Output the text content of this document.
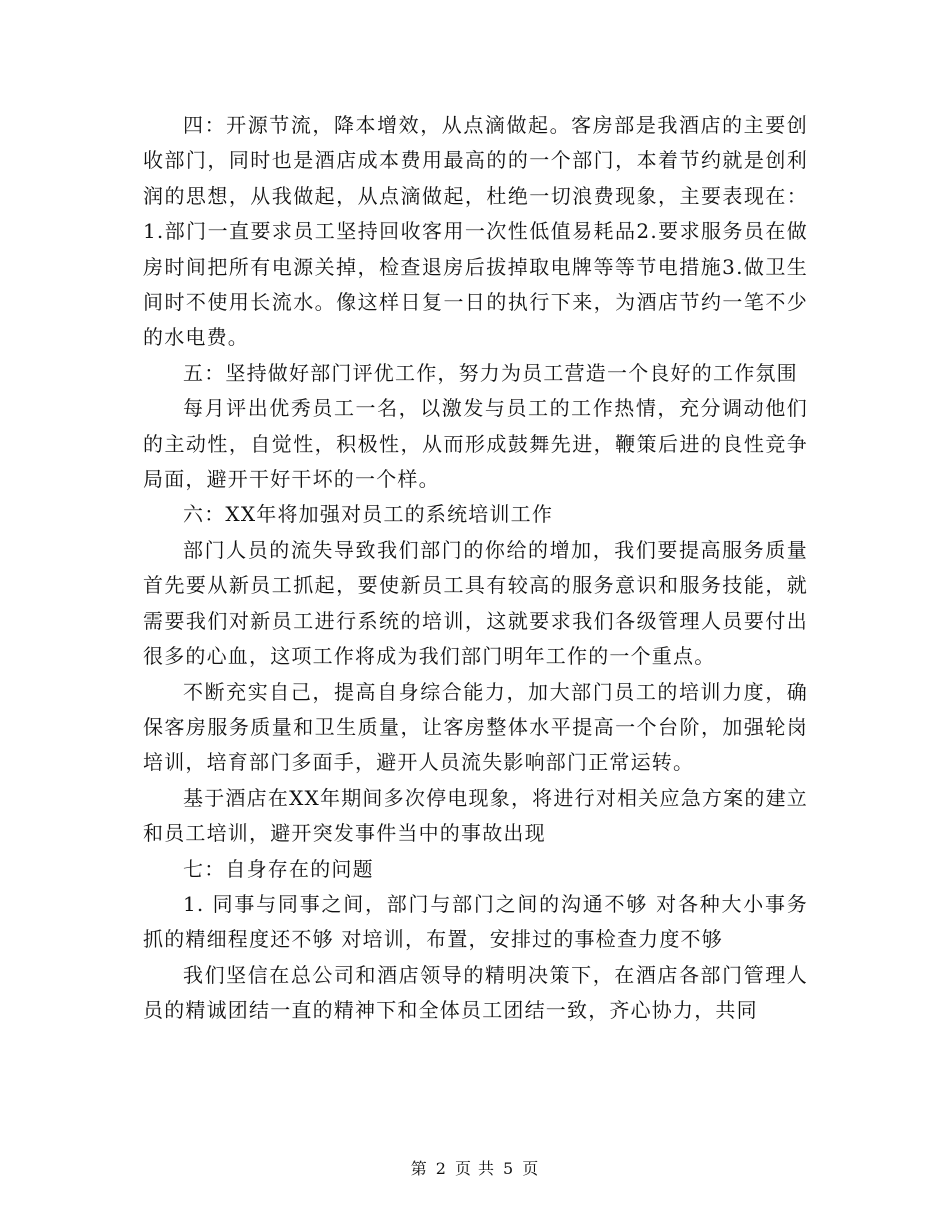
四：开源节流，降本增效，从点滴做起。客房部是我酒店的主要创收部门，同时也是酒店成本费用最高的的一个部门，本着节约就是创利润的思想，从我做起，从点滴做起，杜绝一切浪费现象，主要表现在：1.部门一直要求员工坚持回收客用一次性低值易耗品2.要求服务员在做房时间把所有电源关掉，检查退房后拔掉取电牌等等节电措施3.做卫生间时不使用长流水。像这样日复一日的执行下来，为酒店节约一笔不少的水电费。

五：坚持做好部门评优工作，努力为员工营造一个良好的工作氛围

每月评出优秀员工一名，以激发与员工的工作热情，充分调动他们的主动性，自觉性，积极性，从而形成鼓舞先进，鞭策后进的良性竞争局面，避开干好干坏的一个样。

六：XX年将加强对员工的系统培训工作

部门人员的流失导致我们部门的你给的增加，我们要提高服务质量首先要从新员工抓起，要使新员工具有较高的服务意识和服务技能，就需要我们对新员工进行系统的培训，这就要求我们各级管理人员要付出很多的心血，这项工作将成为我们部门明年工作的一个重点。

不断充实自己，提高自身综合能力，加大部门员工的培训力度，确保客房服务质量和卫生质量，让客房整体水平提高一个台阶，加强轮岗培训，培育部门多面手，避开人员流失影响部门正常运转。

基于酒店在XX年期间多次停电现象，将进行对相关应急方案的建立和员工培训，避开突发事件当中的事故出现

七：自身存在的问题

1. 同事与同事之间，部门与部门之间的沟通不够 对各种大小事务抓的精细程度还不够 对培训，布置，安排过的事检查力度不够

我们坚信在总公司和酒店领导的精明决策下，在酒店各部门管理人员的精诚团结一直的精神下和全体员工团结一致，齐心协力，共同

第 2 页 共 5 页
